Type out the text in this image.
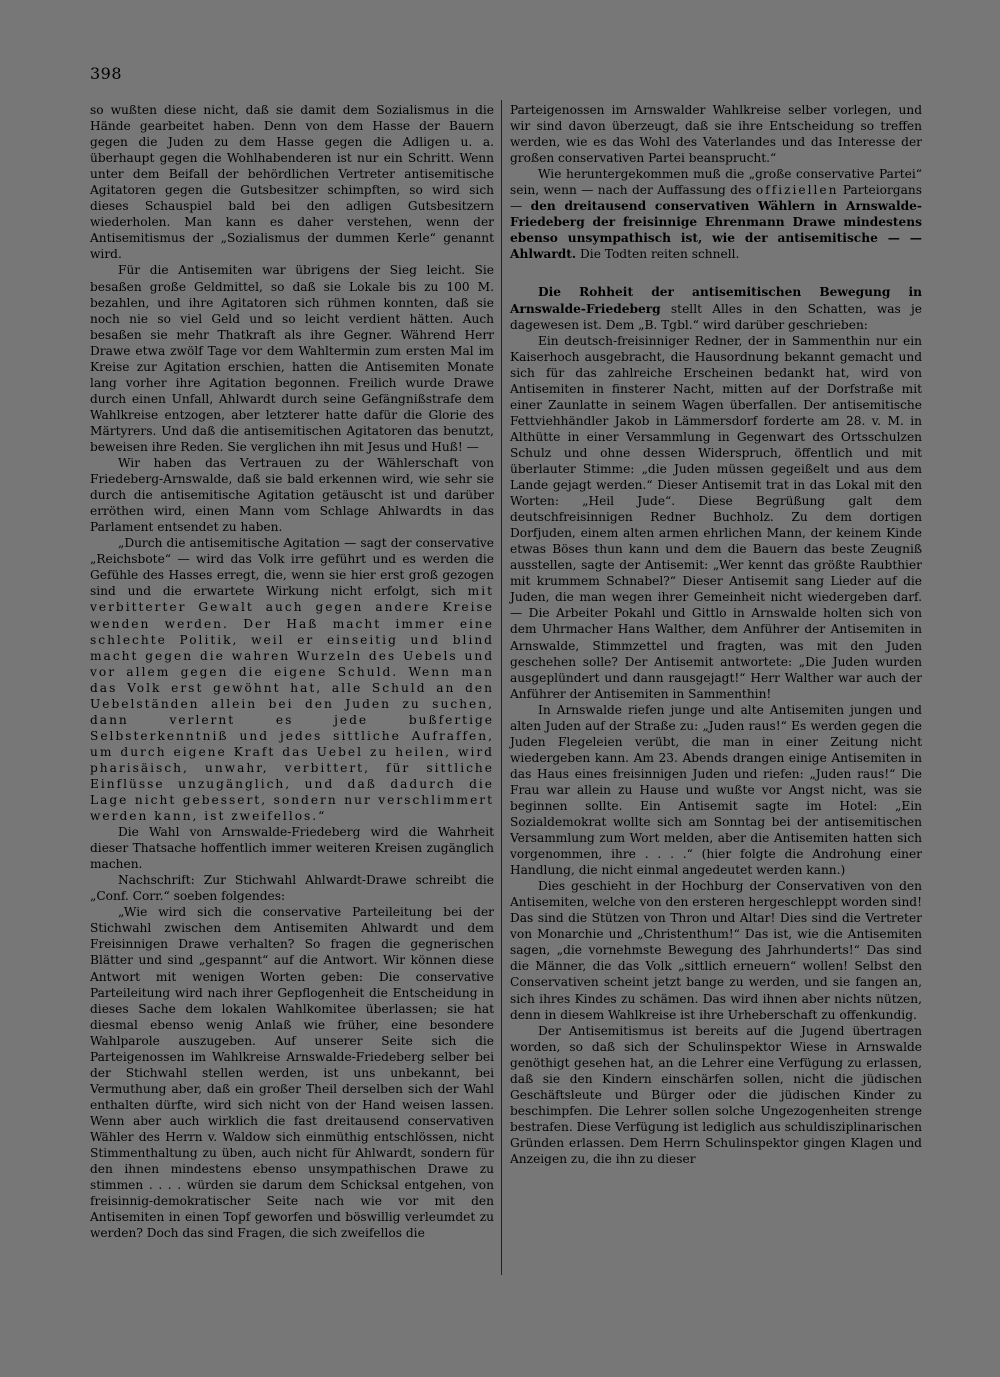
398

so wußten diese nicht, daß sie damit dem Sozialismus in die Hände gearbeitet haben. Denn von dem Hasse der Bauern gegen die Juden zu dem Hasse gegen die Adligen u. a. überhaupt gegen die Wohlhabenderen ist nur ein Schritt. Wenn unter dem Beifall der behördlichen Vertreter antisemitische Agitatoren gegen die Gutsbesitzer schimpften, so wird sich dieses Schauspiel bald bei den adligen Gutsbesitzern wiederholen. Man kann es daher verstehen, wenn der Antisemitismus der „Sozialismus der dummen Kerle“ genannt wird.

Für die Antisemiten war übrigens der Sieg leicht. Sie besaßen große Geldmittel, so daß sie Lokale bis zu 100 M. bezahlen, und ihre Agitatoren sich rühmen konnten, daß sie noch nie so viel Geld und so leicht verdient hätten. Auch besaßen sie mehr Thatkraft als ihre Gegner. Während Herr Drawe etwa zwölf Tage vor dem Wahltermin zum ersten Mal im Kreise zur Agitation erschien, hatten die Antisemiten Monate lang vorher ihre Agitation begonnen. Freilich wurde Drawe durch einen Unfall, Ahlwardt durch seine Gefängnißstrafe dem Wahlkreise entzogen, aber letzterer hatte dafür die Glorie des Märtyrers. Und daß die antisemitischen Agitatoren das benutzt, beweisen ihre Reden. Sie verglichen ihn mit Jesus und Huß! —

Wir haben das Vertrauen zu der Wählerschaft von Friedeberg-Arnswalde, daß sie bald erkennen wird, wie sehr sie durch die antisemitische Agitation getäuscht ist und darüber erröthen wird, einen Mann vom Schlage Ahlwardts in das Parlament entsendet zu haben.

„Durch die antisemitische Agitation — sagt der conservative „Reichsbote“ — wird das Volk irre geführt und es werden die Gefühle des Hasses erregt, die, wenn sie hier erst groß gezogen sind und die erwartete Wirkung nicht erfolgt, sich mit verbitterter Gewalt auch gegen andere Kreise wenden werden. Der Haß macht immer eine schlechte Politik, weil er einseitig und blind macht gegen die wahren Wurzeln des Uebels und vor allem gegen die eigene Schuld. Wenn man das Volk erst gewöhnt hat, alle Schuld an den Uebelständen allein bei den Juden zu suchen, dann verlernt es jede bußfertige Selbsterkenntniß und jedes sittliche Aufraffen, um durch eigene Kraft das Uebel zu heilen, wird pharisäisch, unwahr, verbittert, für sittliche Einflüsse unzugänglich, und daß dadurch die Lage nicht gebessert, sondern nur verschlimmert werden kann, ist zweifellos.“

Die Wahl von Arnswalde-Friedeberg wird die Wahrheit dieser Thatsache hoffentlich immer weiteren Kreisen zugänglich machen.

Nachschrift: Zur Stichwahl Ahlwardt-Drawe schreibt die „Conf. Corr.“ soeben folgendes:

„Wie wird sich die conservative Parteileitung bei der Stichwahl zwischen dem Antisemiten Ahlwardt und dem Freisinnigen Drawe verhalten? So fragen die gegnerischen Blätter und sind „gespannt“ auf die Antwort. Wir können diese Antwort mit wenigen Worten geben: Die conservative Parteileitung wird nach ihrer Gepflogenheit die Entscheidung in dieses Sache dem lokalen Wahlkomitee überlassen; sie hat diesmal ebenso wenig Anlaß wie früher, eine besondere Wahlparole auszugeben. Auf unserer Seite sich die Parteigenossen im Wahlkreise Arnswalde-Friedeberg selber bei der Stichwahl stellen werden, ist uns unbekannt, bei Vermuthung aber, daß ein großer Theil derselben sich der Wahl enthalten dürfte, wird sich nicht von der Hand weisen lassen. Wenn aber auch wirklich die fast dreitausend conservativen Wähler des Herrn v. Waldow sich einmüthig entschlössen, nicht Stimmenthaltung zu üben, auch nicht für Ahlwardt, sondern für den ihnen mindestens ebenso unsympathischen Drawe zu stimmen . . . . würden sie darum dem Schicksal entgehen, von freisinnig-demokratischer Seite nach wie vor mit den Antisemiten in einen Topf geworfen und böswillig verleumdet zu werden? Doch das sind Fragen, die sich zweifellos die

Parteigenossen im Arnswalder Wahlkreise selber vorlegen, und wir sind davon überzeugt, daß sie ihre Entscheidung so treffen werden, wie es das Wohl des Vaterlandes und das Interesse der großen conservativen Partei beansprucht.“

Wie heruntergekommen muß die „große conservative Partei“ sein, wenn — nach der Auffassung des offiziellen Parteiorgans — den dreitausend conservativen Wählern in Arnswalde-Friedeberg der freisinnige Ehrenmann Drawe mindestens ebenso unsympathisch ist, wie der antisemitische — — Ahlwardt. Die Todten reiten schnell.

Die Rohheit der antisemitischen Bewegung in Arnswalde-Friedeberg stellt Alles in den Schatten, was je dagewesen ist. Dem „B. Tgbl.“ wird darüber geschrieben:

Ein deutsch-freisinniger Redner, der in Sammenthin nur ein Kaiserhoch ausgebracht, die Hausordnung bekannt gemacht und sich für das zahlreiche Erscheinen bedankt hat, wird von Antisemiten in finsterer Nacht, mitten auf der Dorfstraße mit einer Zaunlatte in seinem Wagen überfallen. Der antisemitische Fettviehhändler Jakob in Lämmersdorf forderte am 28. v. M. in Althütte in einer Versammlung in Gegenwart des Ortsschulzen Schulz und ohne dessen Widerspruch, öffentlich und mit überlauter Stimme: „die Juden müssen gegeißelt und aus dem Lande gejagt werden.“ Dieser Antisemit trat in das Lokal mit den Worten: „Heil Jude“. Diese Begrüßung galt dem deutschfreisinnigen Redner Buchholz. Zu dem dortigen Dorfjuden, einem alten armen ehrlichen Mann, der keinem Kinde etwas Böses thun kann und dem die Bauern das beste Zeugniß ausstellen, sagte der Antisemit: „Wer kennt das größte Raubthier mit krummem Schnabel?“ Dieser Antisemit sang Lieder auf die Juden, die man wegen ihrer Gemeinheit nicht wiedergeben darf. — Die Arbeiter Pokahl und Gittlo in Arnswalde holten sich von dem Uhrmacher Hans Walther, dem Anführer der Antisemiten in Arnswalde, Stimmzettel und fragten, was mit den Juden geschehen solle? Der Antisemit antwortete: „Die Juden wurden ausgeplündert und dann rausgejagt!“ Herr Walther war auch der Anführer der Antisemiten in Sammenthin!

In Arnswalde riefen junge und alte Antisemiten jungen und alten Juden auf der Straße zu: „Juden raus!“ Es werden gegen die Juden Flegeleien verübt, die man in einer Zeitung nicht wiedergeben kann. Am 23. Abends drangen einige Antisemiten in das Haus eines freisinnigen Juden und riefen: „Juden raus!“ Die Frau war allein zu Hause und wußte vor Angst nicht, was sie beginnen sollte. Ein Antisemit sagte im Hotel: „Ein Sozialdemokrat wollte sich am Sonntag bei der antisemitischen Versammlung zum Wort melden, aber die Antisemiten hatten sich vorgenommen, ihre . . . .“ (hier folgte die Androhung einer Handlung, die nicht einmal angedeutet werden kann.)

Dies geschieht in der Hochburg der Conservativen von den Antisemiten, welche von den ersteren hergeschleppt worden sind! Das sind die Stützen von Thron und Altar! Dies sind die Vertreter von Monarchie und „Christenthum!“ Das ist, wie die Antisemiten sagen, „die vornehmste Bewegung des Jahrhunderts!“ Das sind die Männer, die das Volk „sittlich erneuern“ wollen! Selbst den Conservativen scheint jetzt bange zu werden, und sie fangen an, sich ihres Kindes zu schämen. Das wird ihnen aber nichts nützen, denn in diesem Wahlkreise ist ihre Urheberschaft zu offenkundig.

Der Antisemitismus ist bereits auf die Jugend übertragen worden, so daß sich der Schulinspektor Wiese in Arnswalde genöthigt gesehen hat, an die Lehrer eine Verfügung zu erlassen, daß sie den Kindern einschärfen sollen, nicht die jüdischen Geschäftsleute und Bürger oder die jüdischen Kinder zu beschimpfen. Die Lehrer sollen solche Ungezogenheiten strenge bestrafen. Diese Verfügung ist lediglich aus schuldisziplinarischen Gründen erlassen. Dem Herrn Schulinspektor gingen Klagen und Anzeigen zu, die ihn zu dieser
